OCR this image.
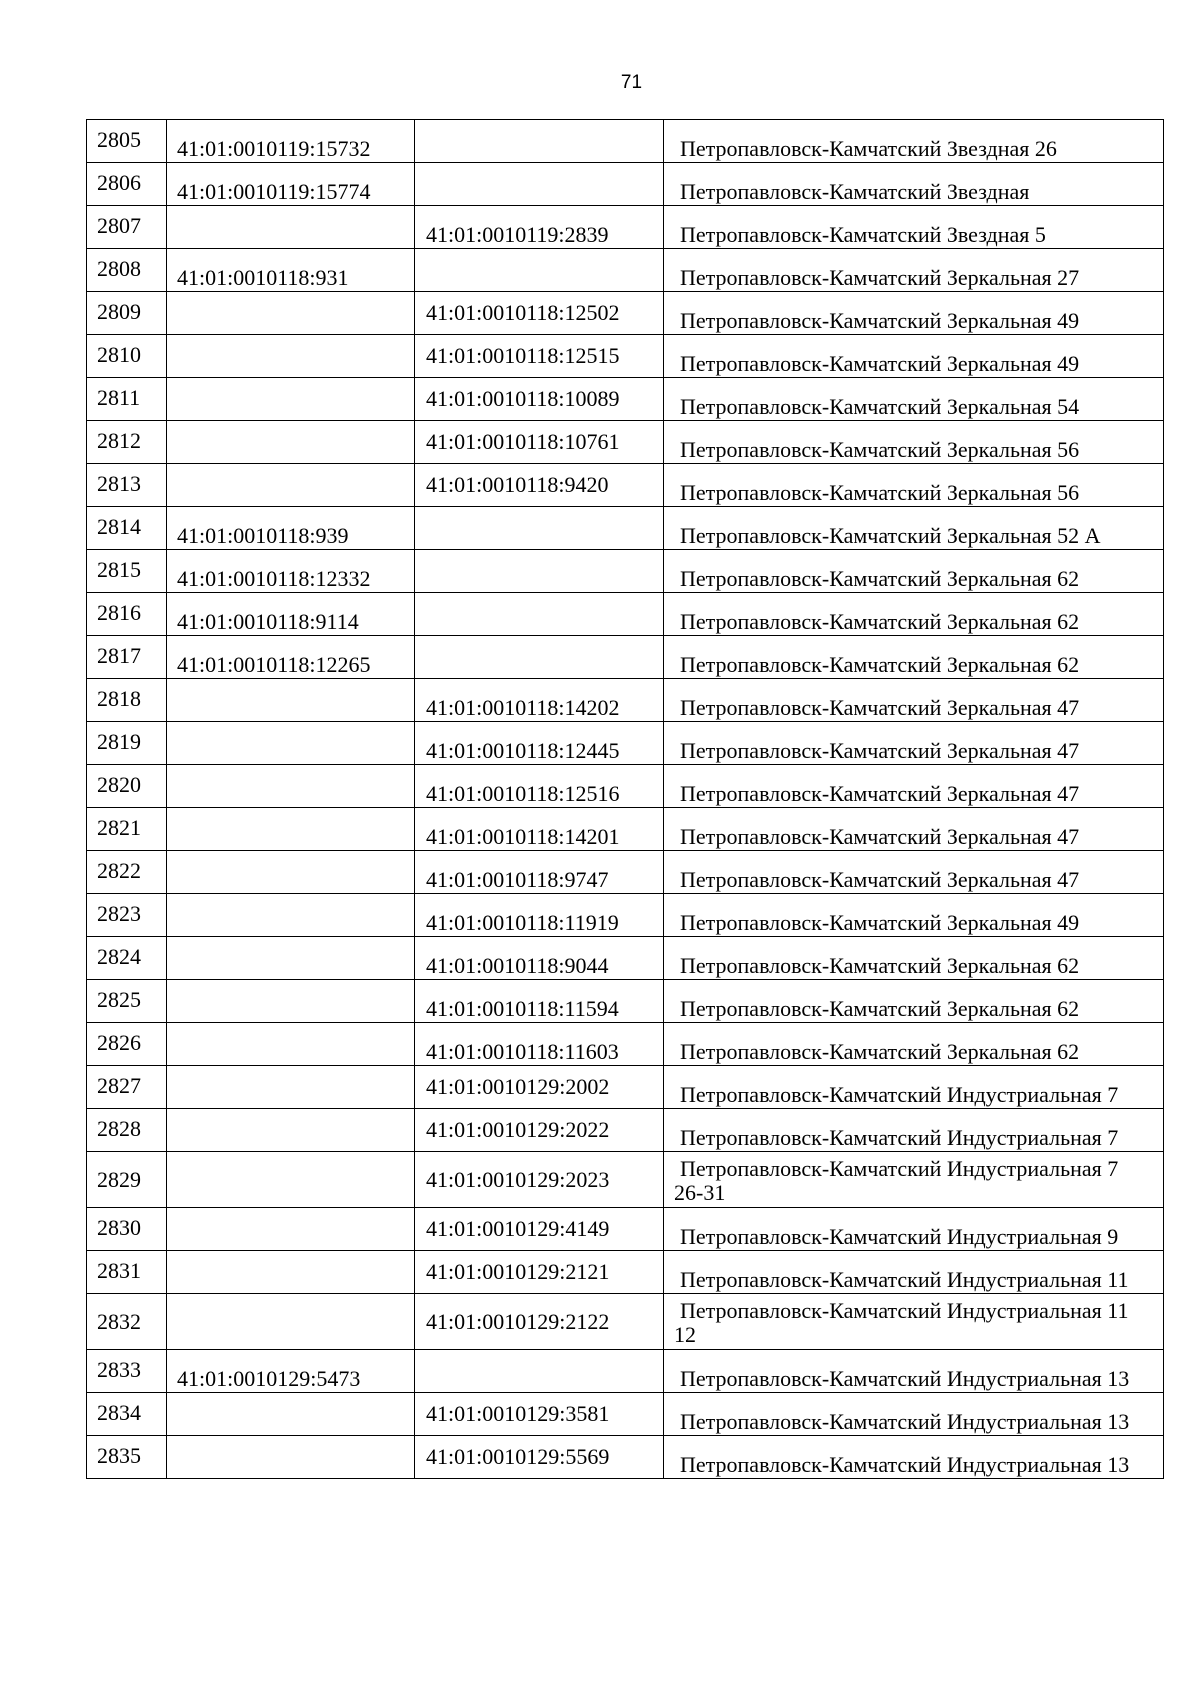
71
2805	41:01:0010119:15732		Петропавловск-Камчатский Звездная 26
2806	41:01:0010119:15774		Петропавловск-Камчатский Звездная
2807		41:01:0010119:2839	Петропавловск-Камчатский Звездная 5
2808	41:01:0010118:931		Петропавловск-Камчатский Зеркальная 27
2809		41:01:0010118:12502	Петропавловск-Камчатский Зеркальная 49
2810		41:01:0010118:12515	Петропавловск-Камчатский Зеркальная 49
2811		41:01:0010118:10089	Петропавловск-Камчатский Зеркальная 54
2812		41:01:0010118:10761	Петропавловск-Камчатский Зеркальная 56
2813		41:01:0010118:9420	Петропавловск-Камчатский Зеркальная 56
2814	41:01:0010118:939		Петропавловск-Камчатский Зеркальная 52 А
2815	41:01:0010118:12332		Петропавловск-Камчатский Зеркальная 62
2816	41:01:0010118:9114		Петропавловск-Камчатский Зеркальная 62
2817	41:01:0010118:12265		Петропавловск-Камчатский Зеркальная 62
2818		41:01:0010118:14202	Петропавловск-Камчатский Зеркальная 47
2819		41:01:0010118:12445	Петропавловск-Камчатский Зеркальная 47
2820		41:01:0010118:12516	Петропавловск-Камчатский Зеркальная 47
2821		41:01:0010118:14201	Петропавловск-Камчатский Зеркальная 47
2822		41:01:0010118:9747	Петропавловск-Камчатский Зеркальная 47
2823		41:01:0010118:11919	Петропавловск-Камчатский Зеркальная 49
2824		41:01:0010118:9044	Петропавловск-Камчатский Зеркальная 62
2825		41:01:0010118:11594	Петропавловск-Камчатский Зеркальная 62
2826		41:01:0010118:11603	Петропавловск-Камчатский Зеркальная 62
2827		41:01:0010129:2002	Петропавловск-Камчатский Индустриальная 7
2828		41:01:0010129:2022	Петропавловск-Камчатский Индустриальная 7
2829		41:01:0010129:2023	Петропавловск-Камчатский Индустриальная 7
26-31
2830		41:01:0010129:4149	Петропавловск-Камчатский Индустриальная 9
2831		41:01:0010129:2121	Петропавловск-Камчатский Индустриальная 11
2832		41:01:0010129:2122	Петропавловск-Камчатский Индустриальная 11
12
2833	41:01:0010129:5473		Петропавловск-Камчатский Индустриальная 13
2834		41:01:0010129:3581	Петропавловск-Камчатский Индустриальная 13
2835		41:01:0010129:5569	Петропавловск-Камчатский Индустриальная 13
